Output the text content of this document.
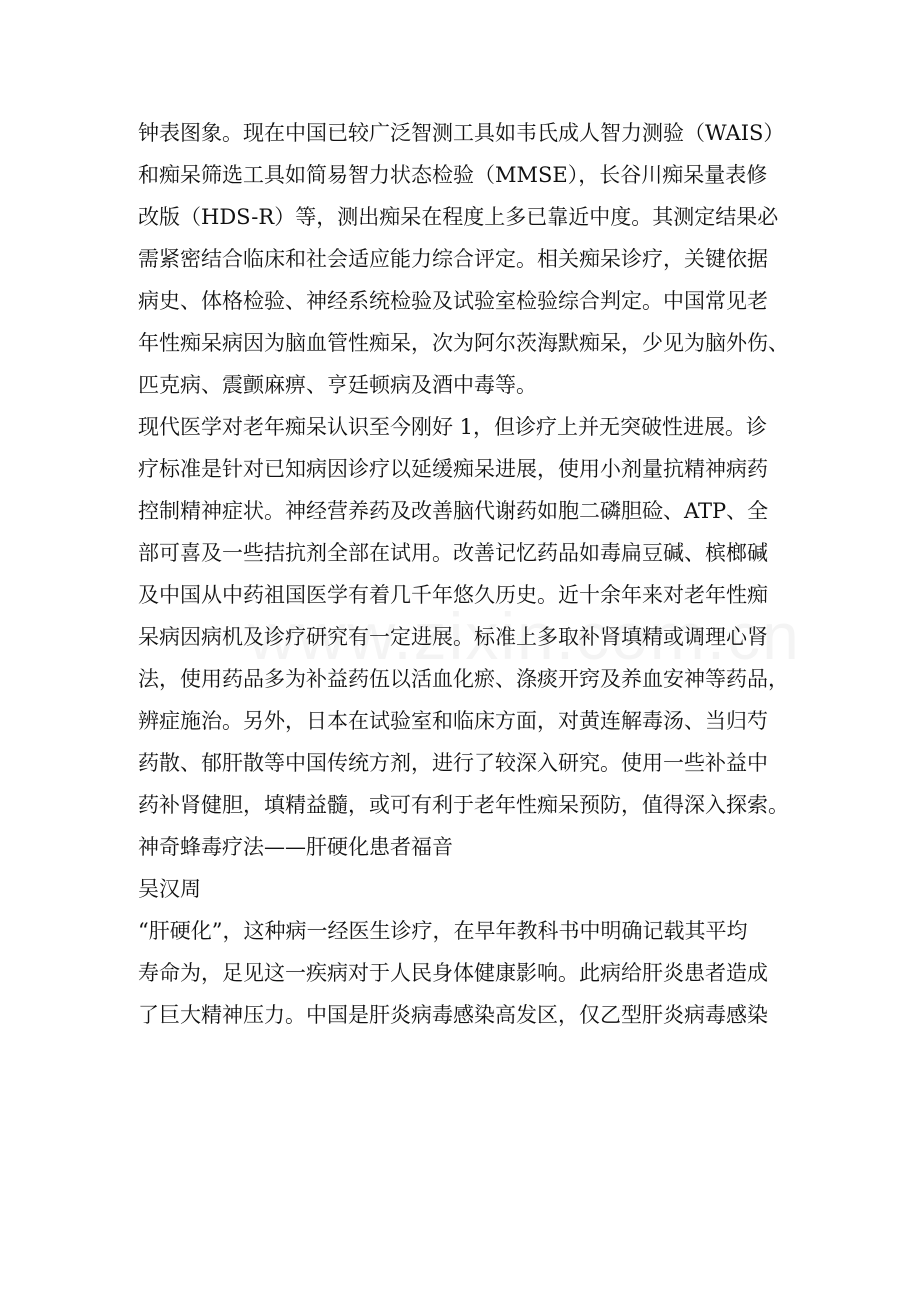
钟表图象。现在中国已较广泛智测工具如韦氏成人智力测验（WAIS）
和痴呆筛选工具如简易智力状态检验（MMSE），长谷川痴呆量表修
改版（HDS-R）等，测出痴呆在程度上多已靠近中度。其测定结果必
需紧密结合临床和社会适应能力综合评定。相关痴呆诊疗，关键依据
病史、体格检验、神经系统检验及试验室检验综合判定。中国常见老
年性痴呆病因为脑血管性痴呆，次为阿尔茨海默痴呆，少见为脑外伤、
匹克病、震颤麻痹、亨廷顿病及酒中毒等。
现代医学对老年痴呆认识至今刚好 1，但诊疗上并无突破性进展。诊
疗标准是针对已知病因诊疗以延缓痴呆进展，使用小剂量抗精神病药
控制精神症状。神经营养药及改善脑代谢药如胞二磷胆硷、ATP、全
部可喜及一些拮抗剂全部在试用。改善记忆药品如毒扁豆碱、槟榔碱
及中国从中药祖国医学有着几千年悠久历史。近十余年来对老年性痴
呆病因病机及诊疗研究有一定进展。标准上多取补肾填精或调理心肾
法，使用药品多为补益药伍以活血化瘀、涤痰开窍及养血安神等药品，
辨症施治。另外，日本在试验室和临床方面，对黄连解毒汤、当归芍
药散、郁肝散等中国传统方剂，进行了较深入研究。使用一些补益中
药补肾健胆，填精益髓，或可有利于老年性痴呆预防，值得深入探索。
神奇蜂毒疗法——肝硬化患者福音
吴汉周
“肝硬化”，这种病一经医生诊疗，在早年教科书中明确记载其平均
寿命为，足见这一疾病对于人民身体健康影响。此病给肝炎患者造成
了巨大精神压力。中国是肝炎病毒感染高发区，仅乙型肝炎病毒感染
